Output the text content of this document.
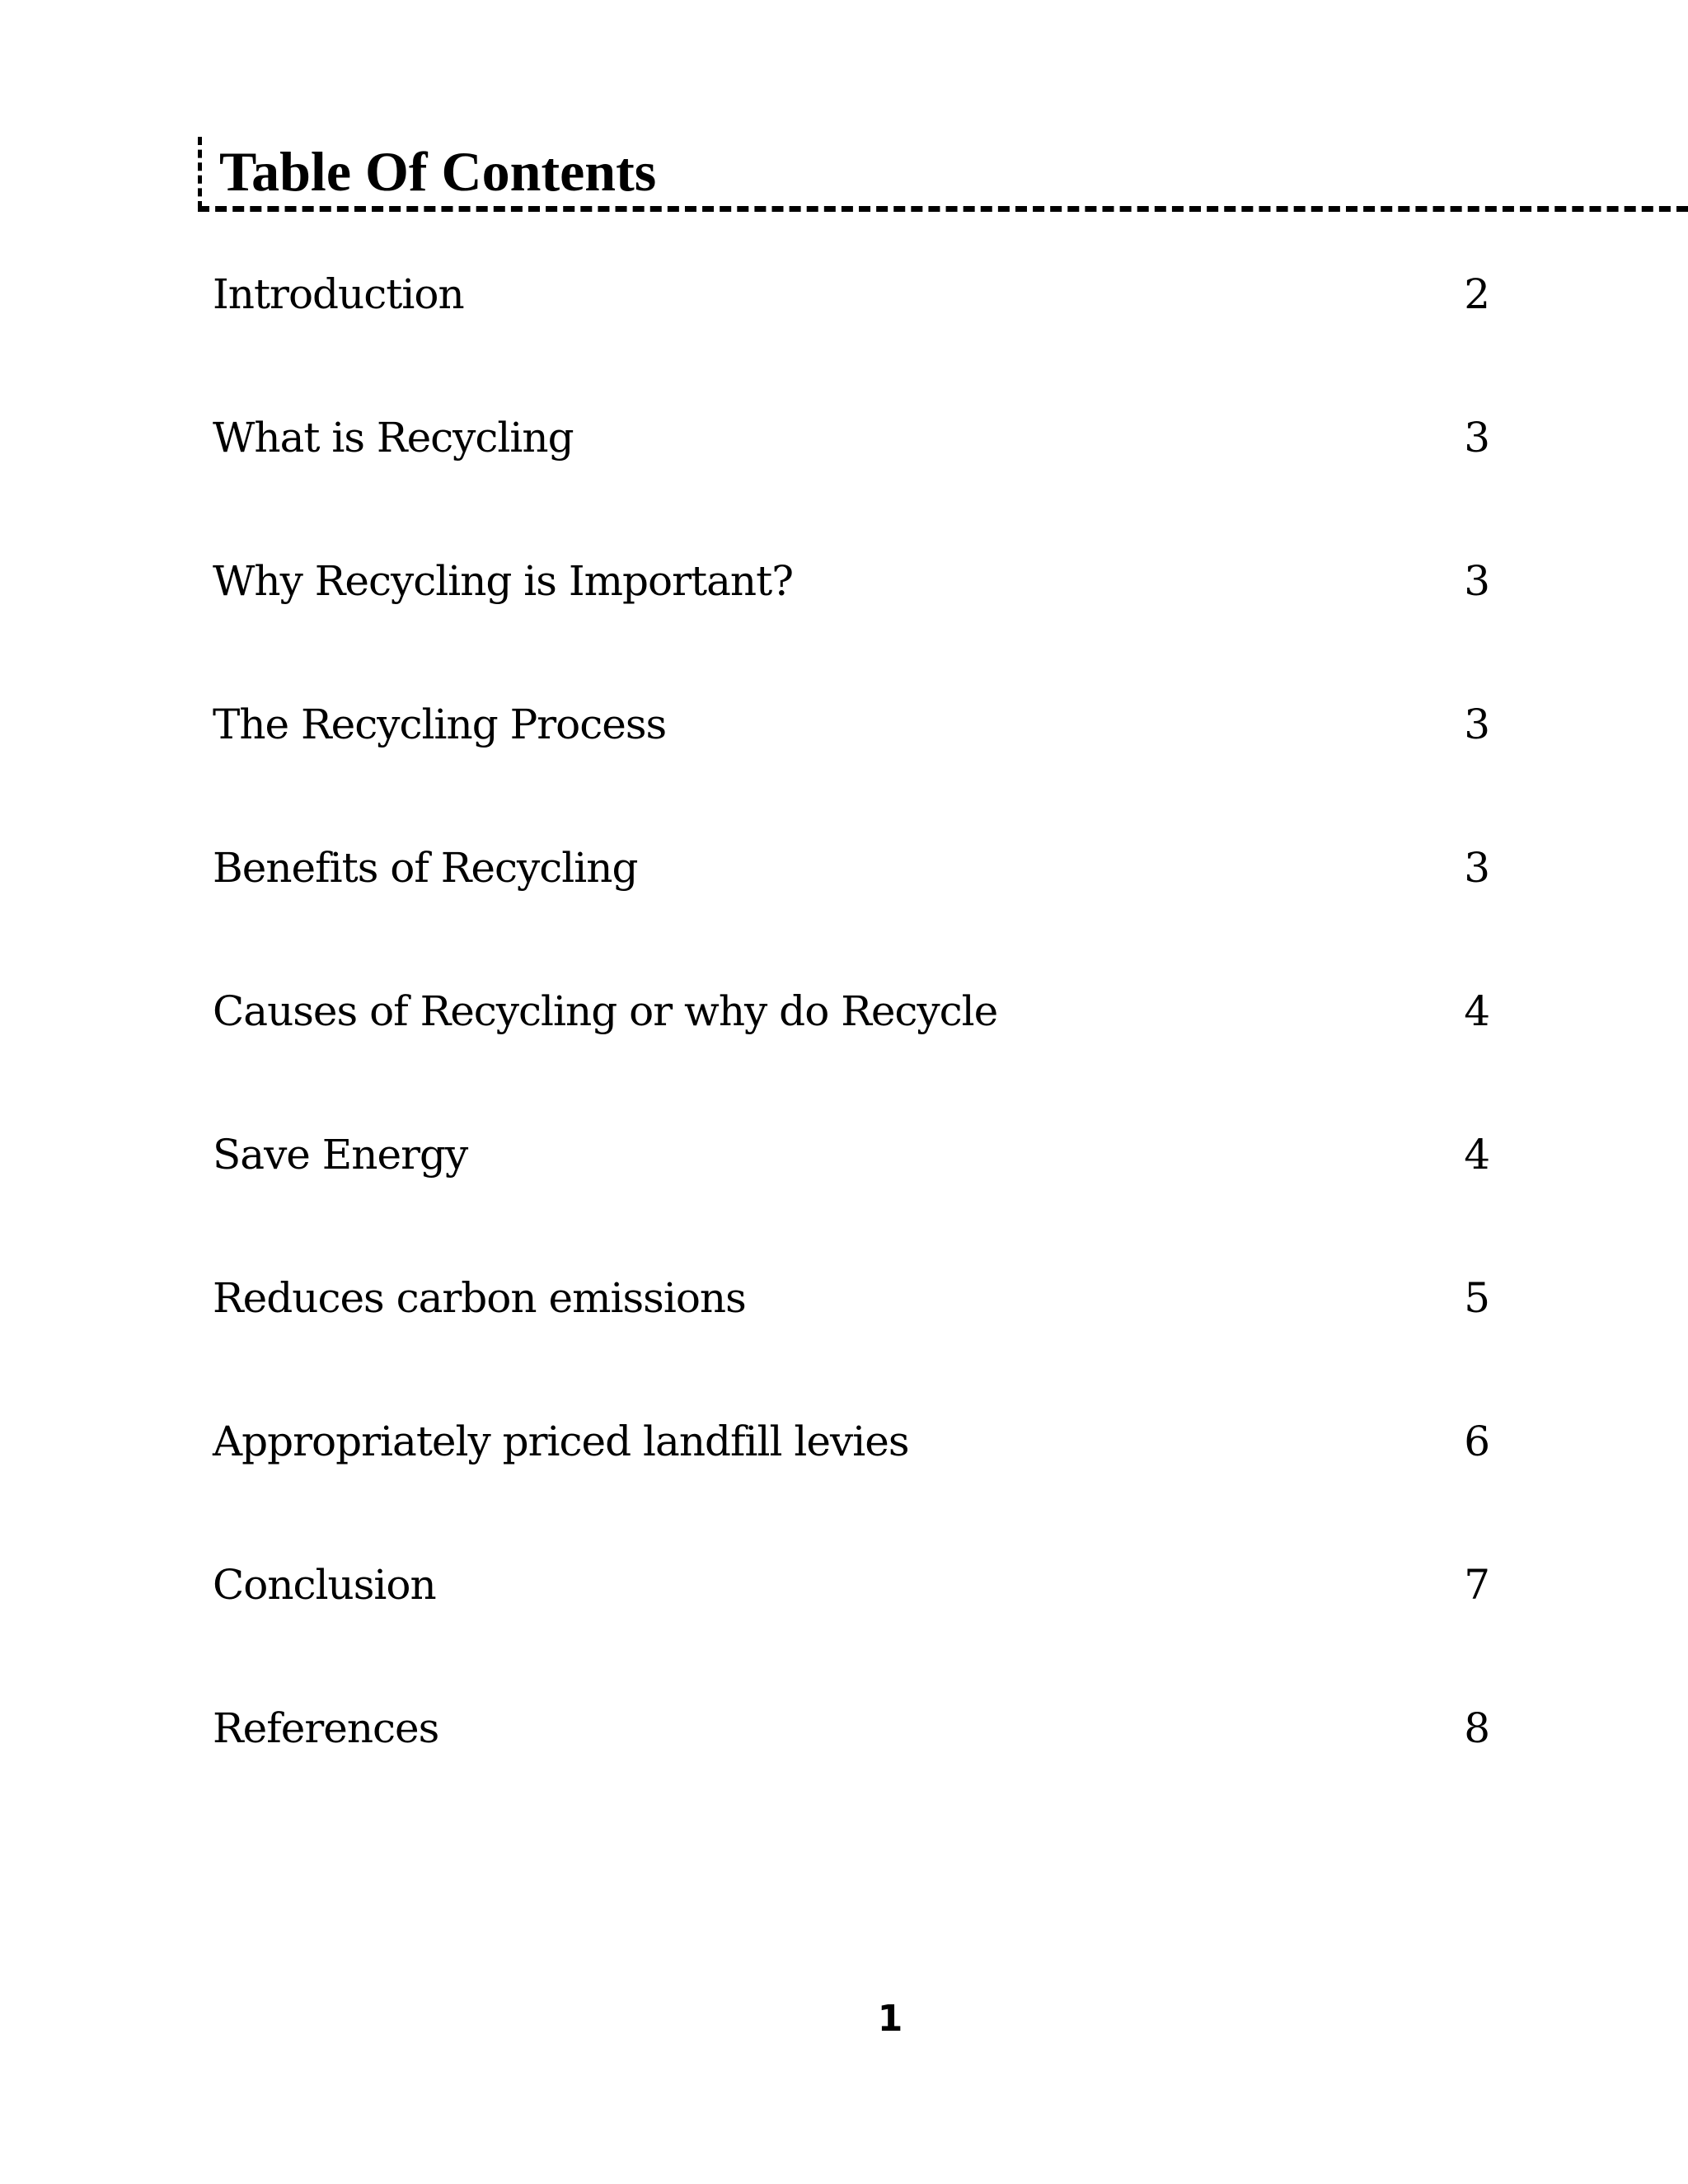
Table Of Contents
Introduction	2
What is Recycling	3
Why Recycling is Important?	3
The Recycling Process	3
Benefits of Recycling	3
Causes of Recycling or why do Recycle	4
Save Energy	4
Reduces carbon emissions	5
Appropriately priced landfill levies	6
Conclusion	7
References	8
1
